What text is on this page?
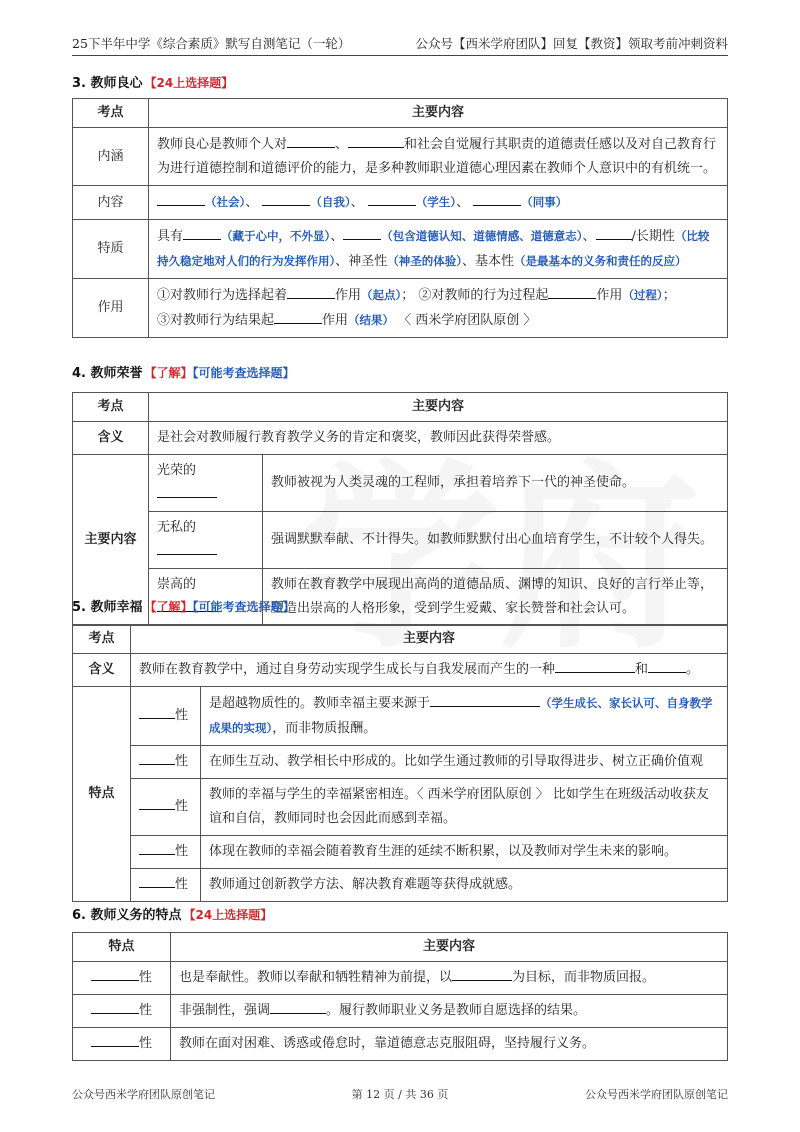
25下半年中学《综合素质》默写自测笔记（一轮）	公众号【西米学府团队】回复【教资】领取考前冲刺资料
3. 教师良心 【24上选择题】
考点	主要内容
内涵	教师良心是教师个人对 、 和社会自觉履行其职责的道德责任感以及对自己教育行为进行道德控制和道德评价的能力，是多种教师职业道德心理因素在教师个人意识中的有机统一。
内容	（社会）、 （自我）、 （学生）、 （同事）
特质	具有 （藏于心中，不外显）、 （包含道德认知、道德情感、道德意志）、 /长期性（比较持久稳定地对人们的行为发挥作用）、神圣性（神圣的体验）、基本性（是最基本的义务和责任的反应）
作用	①对教师行为选择起着 作用（起点）； ②对教师的行为过程起 作用（过程）；
③对教师行为结果起 作用（结果） 〈 西米学府团队原创 〉
4. 教师荣誉 【了解】【可能考查选择题】
考点	主要内容	
含义	是社会对教师履行教育教学义务的肯定和褒奖，教师因此获得荣誉感。	
主要内容	光荣的	教师被视为人类灵魂的工程师，承担着培养下一代的神圣使命。
	无私的	强调默默奉献、不计得失。如教师默默付出心血培育学生，不计较个人得失。
	崇高的	教师在教育教学中展现出高尚的道德品质、渊博的知识、良好的言行举止等，塑造出崇高的人格形象，受到学生爱戴、家长赞誉和社会认可。
5. 教师幸福 【了解】【可能考查选择题】
考点	主要内容	
含义	教师在教育教学中，通过自身劳动实现学生成长与自我发展而产生的一种 和 。	
特点	性	是超越物质性的。教师幸福主要来源于 （学生成长、家长认可、自身教学成果的实现），而非物质报酬。
	性	在师生互动、教学相长中形成的。比如学生通过教师的引导取得进步、树立正确价值观
	性	教师的幸福与学生的幸福紧密相连。〈 西米学府团队原创 〉 比如学生在班级活动收获友谊和自信，教师同时也会因此而感到幸福。
	性	体现在教师的幸福会随着教育生涯的延续不断积累，以及教师对学生未来的影响。
	性	教师通过创新教学方法、解决教育难题等获得成就感。
6. 教师义务的特点 【24上选择题】
特点	主要内容
性	也是奉献性。教师以奉献和牺牲精神为前提，以 为目标，而非物质回报。
性	非强制性，强调 。履行教师职业义务是教师自愿选择的结果。
性	教师在面对困难、诱惑或倦怠时，靠道德意志克服阻碍，坚持履行义务。
公众号西米学府团队原创笔记	第 12 页 / 共 36 页	公众号西米学府团队原创笔记
